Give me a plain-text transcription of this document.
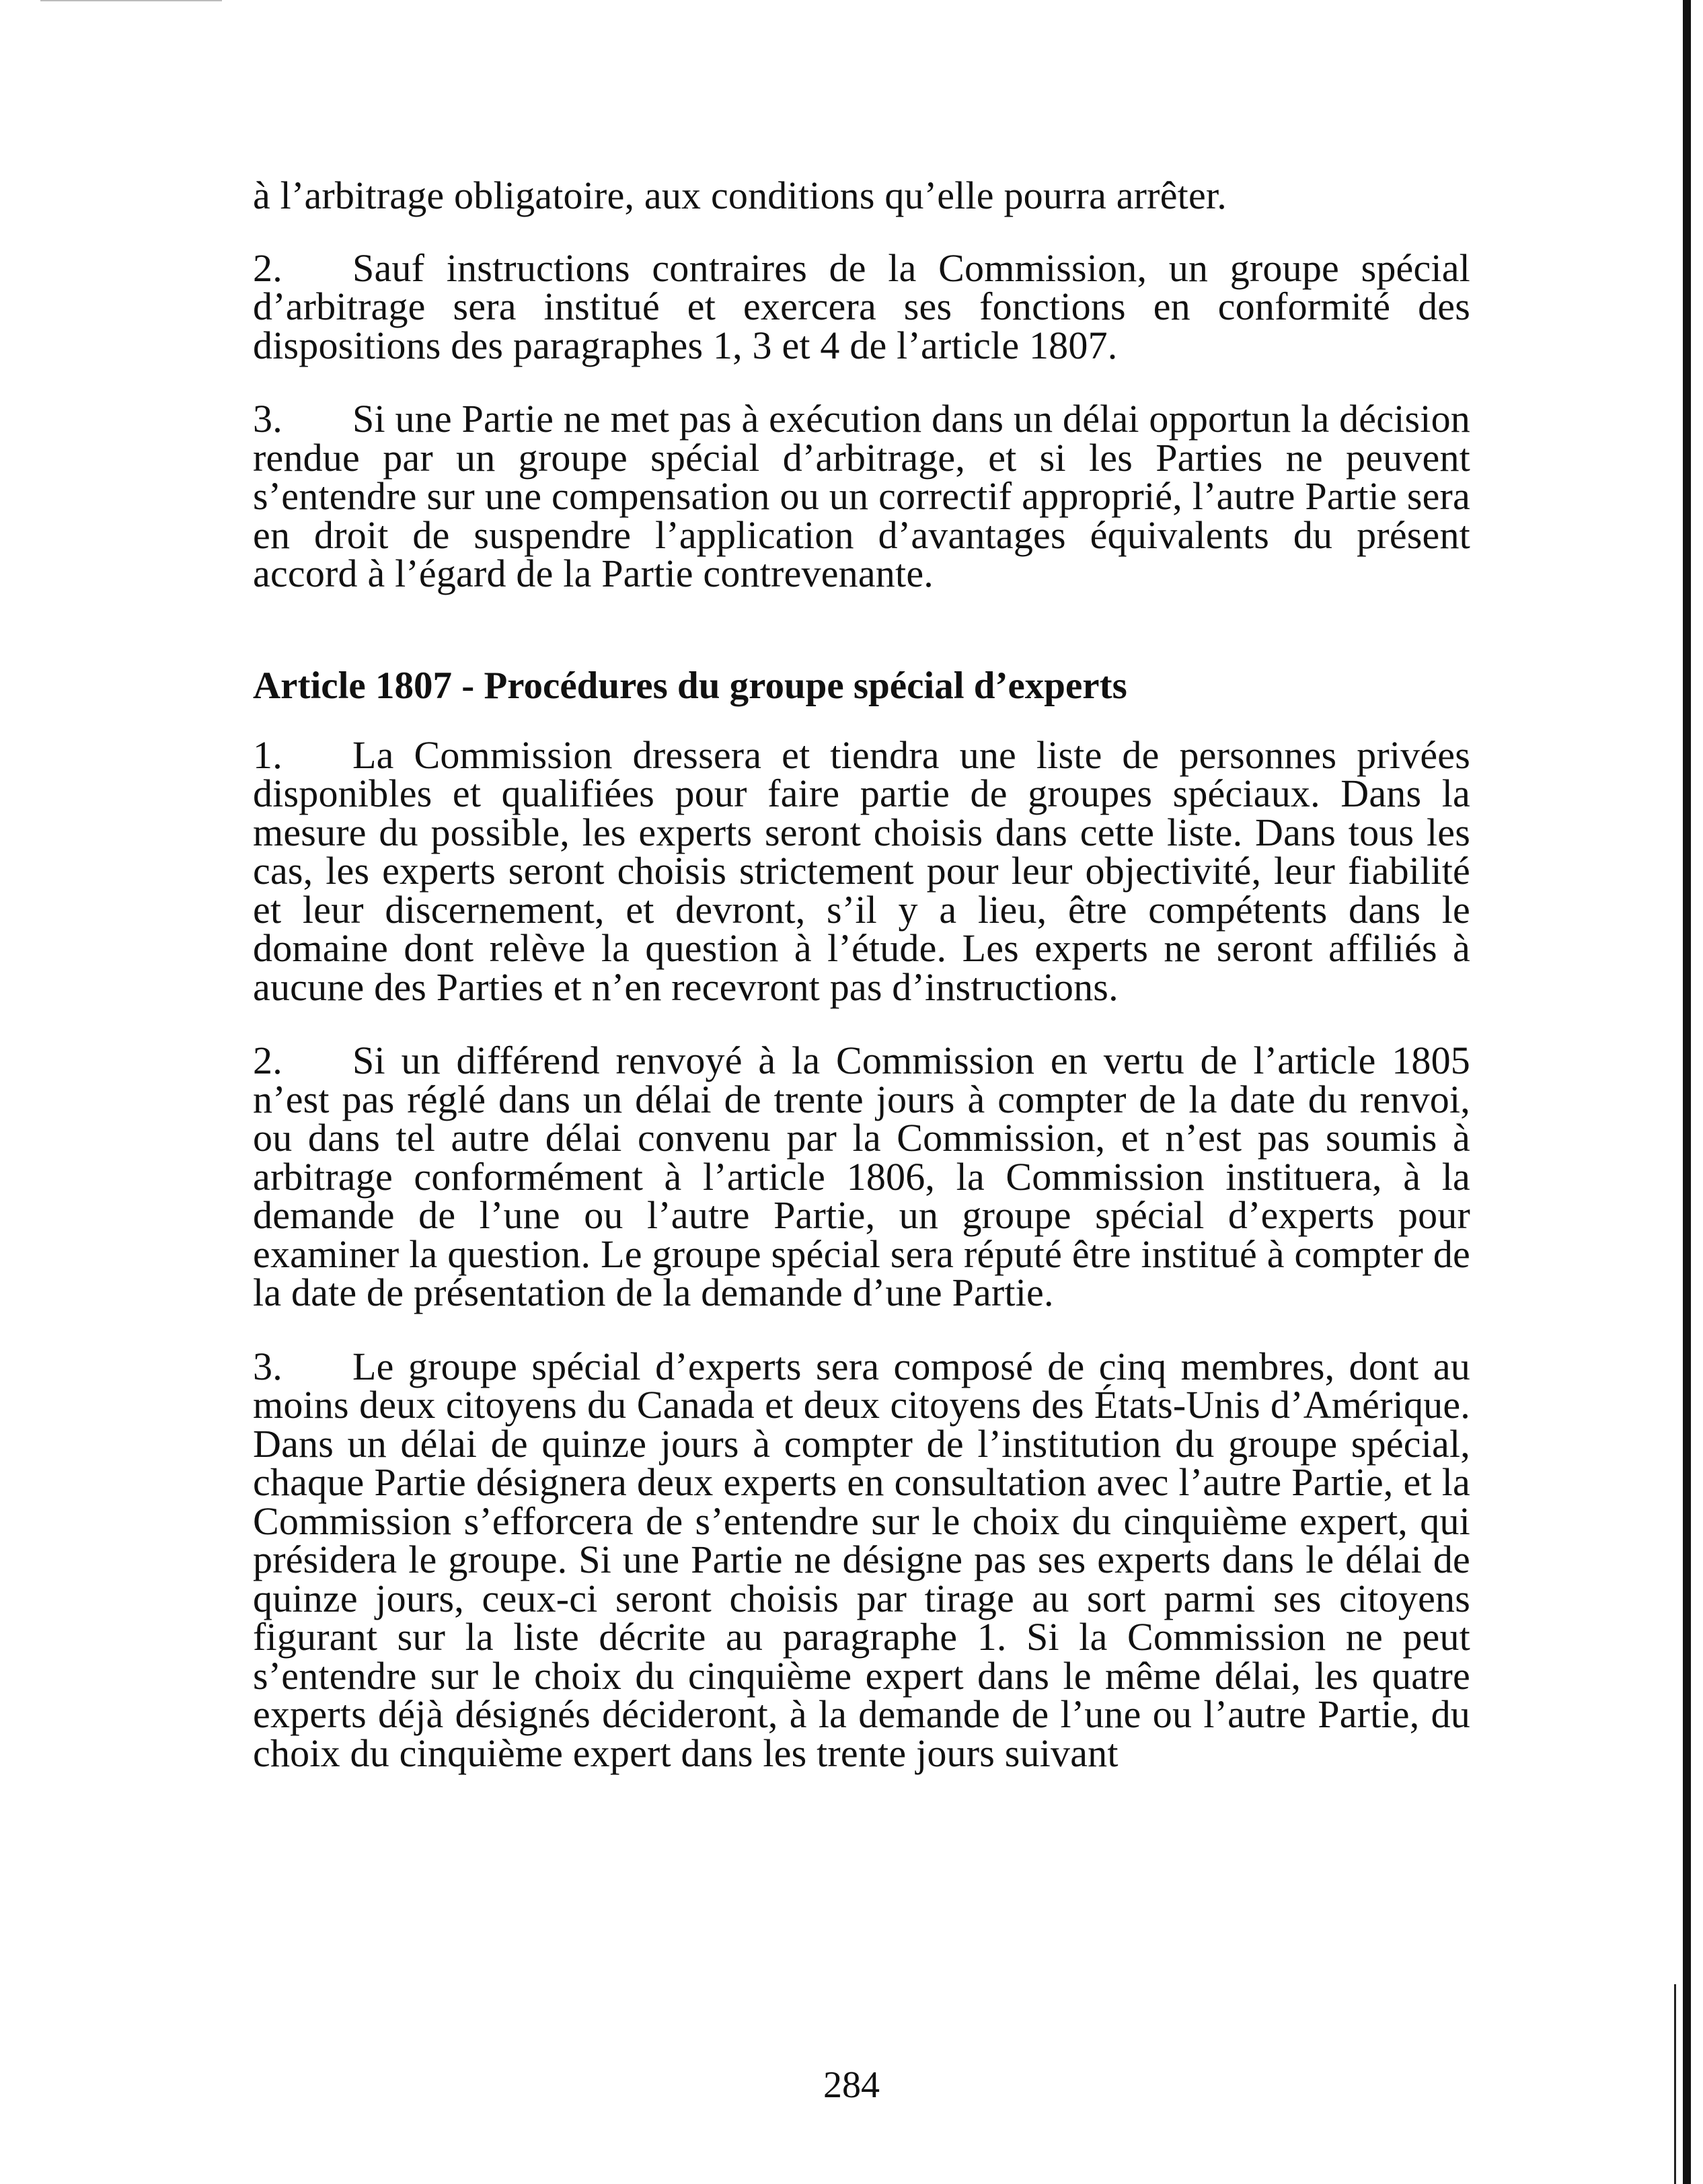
à l’arbitrage obligatoire, aux conditions qu’elle pourra arrêter.

2. Sauf instructions contraires de la Commission, un groupe spécial d’arbitrage sera institué et exercera ses fonctions en conformité des dispositions des paragraphes 1, 3 et 4 de l’article 1807.

3. Si une Partie ne met pas à exécution dans un délai opportun la décision rendue par un groupe spécial d’arbitrage, et si les Parties ne peuvent s’entendre sur une compensation ou un correctif approprié, l’autre Partie sera en droit de suspendre l’application d’avantages équivalents du présent accord à l’égard de la Partie contrevenante.

Article 1807 - Procédures du groupe spécial d’experts

1. La Commission dressera et tiendra une liste de personnes privées disponibles et qualifiées pour faire partie de groupes spéciaux. Dans la mesure du possible, les experts seront choisis dans cette liste. Dans tous les cas, les experts seront choisis strictement pour leur objectivité, leur fiabilité et leur discernement, et devront, s’il y a lieu, être compétents dans le domaine dont relève la question à l’étude. Les experts ne seront affiliés à aucune des Parties et n’en recevront pas d’instructions.

2. Si un différend renvoyé à la Commission en vertu de l’article 1805 n’est pas réglé dans un délai de trente jours à compter de la date du renvoi, ou dans tel autre délai convenu par la Commission, et n’est pas soumis à arbitrage conformément à l’article 1806, la Commission instituera, à la demande de l’une ou l’autre Partie, un groupe spécial d’experts pour examiner la question. Le groupe spécial sera réputé être institué à compter de la date de présentation de la demande d’une Partie.

3. Le groupe spécial d’experts sera composé de cinq membres, dont au moins deux citoyens du Canada et deux citoyens des États-Unis d’Amérique. Dans un délai de quinze jours à compter de l’institution du groupe spécial, chaque Partie désignera deux experts en consultation avec l’autre Partie, et la Commission s’efforcera de s’entendre sur le choix du cinquième expert, qui présidera le groupe. Si une Partie ne désigne pas ses experts dans le délai de quinze jours, ceux-ci seront choisis par tirage au sort parmi ses citoyens figurant sur la liste décrite au paragraphe 1. Si la Commission ne peut s’entendre sur le choix du cinquième expert dans le même délai, les quatre experts déjà désignés décideront, à la demande de l’une ou l’autre Partie, du choix du cinquième expert dans les trente jours suivant

284
